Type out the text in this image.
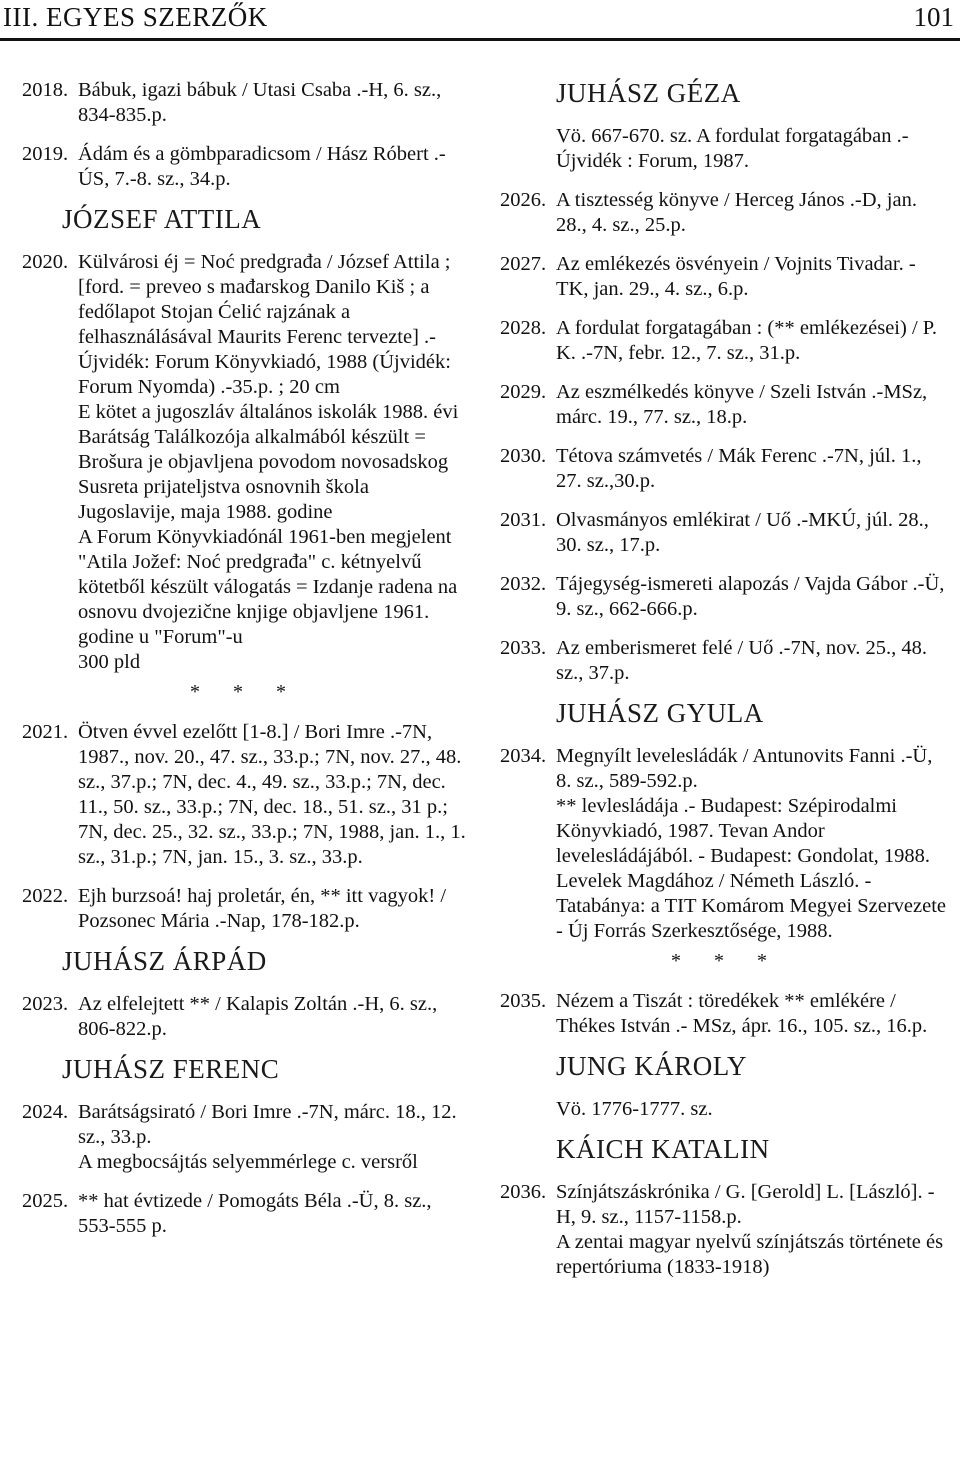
III. EGYES SZERZŐK	101
2018. Bábuk, igazi bábuk / Utasi Csaba .-H, 6. sz., 834-835.p.
2019. Ádám és a gömbparadicsom / Hász Róbert .- ÚS, 7.-8. sz., 34.p.
JÓZSEF ATTILA
2020. Külvárosi éj = Noć predgrađa / József Attila ; [ford. = preveo s mađarskog Danilo Kiš ; a fedőlapot Stojan Ćelić rajzának a felhasználásával Maurits Ferenc tervezte] .-Újvidék: Forum Könyvkiadó, 1988 (Újvidék: Forum Nyomda) .-35.p. ; 20 cm
E kötet a jugoszláv általános iskolák 1988. évi Barátság Találkozója alkalmából készült = Brošura je objavljena povodom novosadskog Susreta prijateljstva osnovnih škola Jugoslavije, maja 1988. godine
A Forum Könyvkiadónál 1961-ben megjelent "Atila Jožef: Noć predgrađa" c. kétnyelvű kötetből készült válogatás = Izdanje radena na osnovu dvojezične knjige objavljene 1961. godine u "Forum"-u
300 pld
* * *
2021. Ötven évvel ezelőtt [1-8.] / Bori Imre .-7N, 1987., nov. 20., 47. sz., 33.p.; 7N, nov. 27., 48. sz., 37.p.; 7N, dec. 4., 49. sz., 33.p.; 7N, dec. 11., 50. sz., 33.p.; 7N, dec. 18., 51. sz., 31 p.; 7N, dec. 25., 32. sz., 33.p.; 7N, 1988, jan. 1., 1. sz., 31.p.; 7N, jan. 15., 3. sz., 33.p.
2022. Ejh burzsoá! haj proletár, én, ** itt vagyok! / Pozsonec Mária .-Nap, 178-182.p.
JUHÁSZ ÁRPÁD
2023. Az elfelejtett ** / Kalapis Zoltán .-H, 6. sz., 806-822.p.
JUHÁSZ FERENC
2024. Barátságsirató / Bori Imre .-7N, márc. 18., 12. sz., 33.p.
A megbocsájtás selyemmérlege c. versről
2025. ** hat évtizede / Pomogáts Béla .-Ü, 8. sz., 553-555 p.
JUHÁSZ GÉZA
Vö. 667-670. sz. A fordulat forgatagában .-Újvidék : Forum, 1987.
2026. A tisztesség könyve / Herceg János .-D, jan. 28., 4. sz., 25.p.
2027. Az emlékezés ösvényein / Vojnits Tivadar. - TK, jan. 29., 4. sz., 6.p.
2028. A fordulat forgatagában : (** emlékezései) / P. K. .-7N, febr. 12., 7. sz., 31.p.
2029. Az eszmélkedés könyve / Szeli István .-MSz, márc. 19., 77. sz., 18.p.
2030. Tétova számvetés / Mák Ferenc .-7N, júl. 1., 27. sz.,30.p.
2031. Olvasmányos emlékirat / Uő .-MKÚ, júl. 28., 30. sz., 17.p.
2032. Tájegység-ismereti alapozás / Vajda Gábor .-Ü, 9. sz., 662-666.p.
2033. Az emberismeret felé / Uő .-7N, nov. 25., 48. sz., 37.p.
JUHÁSZ GYULA
2034. Megnyílt levelesládák / Antunovits Fanni .-Ü, 8. sz., 589-592.p.
** levlesládája .- Budapest: Szépirodalmi Könyvkiadó, 1987. Tevan Andor levelesládájából. - Budapest: Gondolat, 1988. Levelek Magdához / Németh László. - Tatabánya: a TIT Komárom Megyei Szervezete - Új Forrás Szerkesztősége, 1988.
* * *
2035. Nézem a Tiszát : töredékek ** emlékére / Thékes István .- MSz, ápr. 16., 105. sz., 16.p.
JUNG KÁROLY
Vö. 1776-1777. sz.
KÁICH KATALIN
2036. Színjátszáskrónika / G. [Gerold] L. [László]. - H, 9. sz., 1157-1158.p.
A zentai magyar nyelvű színjátszás története és repertóriuma (1833-1918)
